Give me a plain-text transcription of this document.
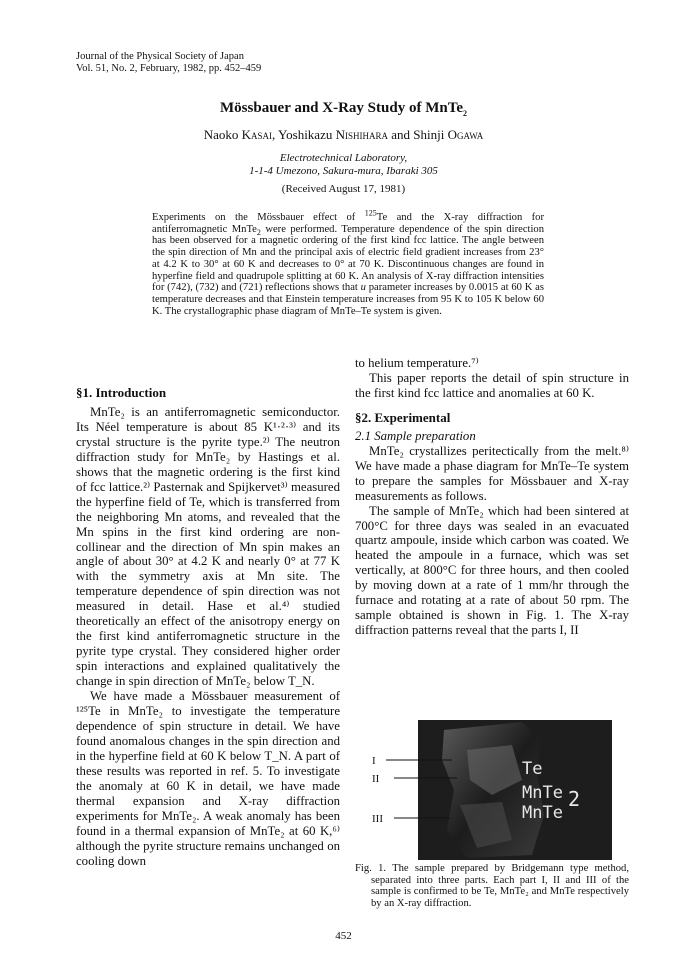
Journal of the Physical Society of Japan
Vol. 51, No. 2, February, 1982, pp. 452–459
Mössbauer and X-Ray Study of MnTe$_2$
Naoko Kasai, Yoshikazu Nishihara and Shinji Ogawa
Electrotechnical Laboratory,
1-1-4 Umezono, Sakura-mura, Ibaraki 305
(Received August 17, 1981)
Experiments on the Mössbauer effect of $^{125}$Te and the X-ray diffraction for antiferromagnetic MnTe$_2$ were performed. Temperature dependence of the spin direction has been observed for a magnetic ordering of the first kind fcc lattice. The angle between the spin direction of Mn and the principal axis of electric field gradient increases from 23° at 4.2 K to 30° at 60 K and decreases to 0° at 70 K. Discontinuous changes are found in hyperfine field and quadrupole splitting at 60 K. An analysis of X-ray diffraction intensities for (742), (732) and (721) reflections shows that u parameter increases by 0.0015 at 60 K as temperature decreases and that Einstein temperature increases from 95 K to 105 K below 60 K. The crystallographic phase diagram of MnTe–Te system is given.

§1. Introduction

MnTe₂ is an antiferromagnetic semiconductor. Its Néel temperature is about 85 K¹·²·³⁾ and its crystal structure is the pyrite type.²⁾ The neutron diffraction study for MnTe₂ by Hastings et al. shows that the magnetic ordering is the first kind of fcc lattice.²⁾ Pasternak and Spijkervet³⁾ measured the hyperfine field of Te, which is transferred from the neighboring Mn atoms, and revealed that the Mn spins in the first kind ordering are non-collinear and the direction of Mn spin makes an angle of about 30° at 4.2 K and nearly 0° at 77 K with the symmetry axis at Mn site. The temperature dependence of spin direction was not measured in detail. Hase et al.⁴⁾ studied theoretically an effect of the anisotropy energy on the first kind antiferromagnetic structure in the pyrite type crystal. They considered higher order spin interactions and explained qualitatively the change in spin direction of MnTe₂ below T_N.

We have made a Mössbauer measurement of ¹²⁵Te in MnTe₂ to investigate the temperature dependence of spin structure in detail. We have found anomalous changes in the spin direction and in the hyperfine field at 60 K below T_N. A part of these results was reported in ref. 5. To investigate the anomaly at 60 K in detail, we have made thermal expansion and X-ray diffraction experiments for MnTe₂. A weak anomaly has been found in a thermal expansion of MnTe₂ at 60 K,⁶⁾ although the pyrite structure remains unchanged on cooling down

to helium temperature.⁷⁾

This paper reports the detail of spin structure in the first kind fcc lattice and anomalies at 60 K.

§2. Experimental

2.1 Sample preparation

MnTe₂ crystallizes peritectically from the melt.⁸⁾ We have made a phase diagram for MnTe–Te system to prepare the samples for Mössbauer and X-ray measurements as follows.

The sample of MnTe₂ which had been sintered at 700°C for three days was sealed in an evacuated quartz ampoule, inside which carbon was coated. We heated the ampoule in a furnace, which was set vertically, at 800°C for three hours, and then cooled by moving down at a rate of 1 mm/hr through the furnace and rotating at a rate of about 50 rpm. The sample obtained is shown in Fig. 1. The X-ray diffraction patterns reveal that the parts I, II

I
II
III
Te
MnTe
MnTe
2
Fig. 1. The sample prepared by Bridgemann type method, separated into three parts. Each part I, II and III of the sample is confirmed to be Te, MnTe₂ and MnTe respectively by an X-ray diffraction.
452
